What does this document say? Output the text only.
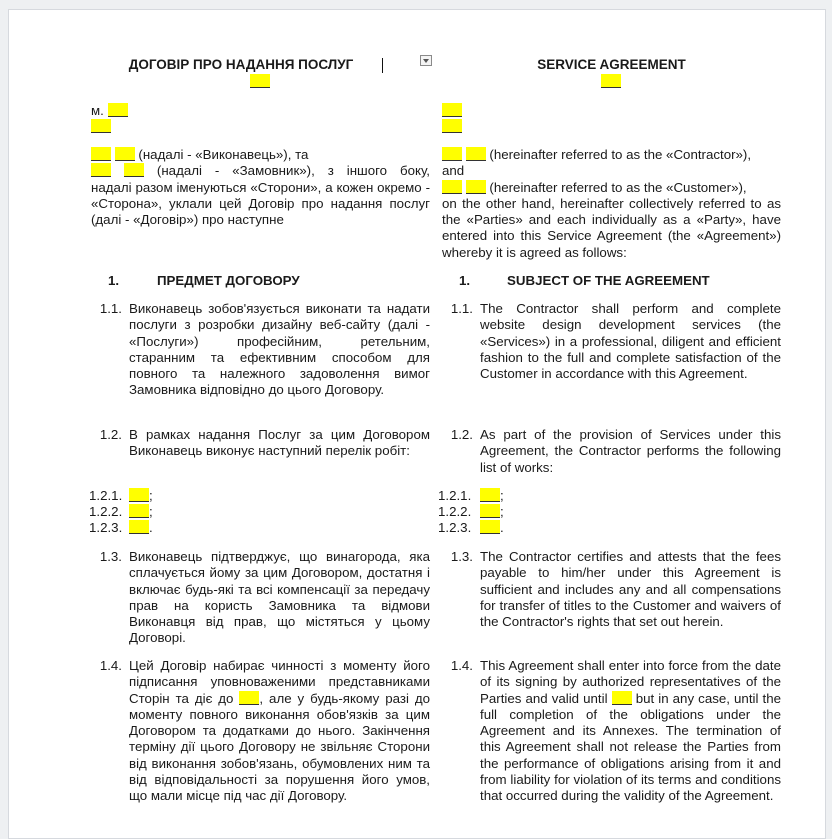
ДОГОВІР ПРО НАДАННЯ ПОСЛУГ	SERVICE AGREEMENT
м.
(надалі - «Виконавець»), та
(надалі - «Замовник»), з іншого боку,
надалі разом іменуються «Сторони», а кожен окремо - «Сторона», уклали цей Договір про надання послуг (далі - «Договір») про наступне
(hereinafter referred to as the «Contractor»),
and
(hereinafter referred to as the «Customer»),
on the other hand, hereinafter collectively referred to as the «Parties» and each individually as a «Party», have entered into this Service Agreement (the «Agreement») whereby it is agreed as follows:
1.	ПРЕДМЕТ ДОГОВОРУ	1.	SUBJECT OF THE AGREEMENT
1.1. Виконавець зобов'язується виконати та надати послуги з розробки дизайну веб-сайту (далі - «Послуги») професійним, ретельним, старанним та ефективним способом для повного та належного задоволення вимог Замовника відповідно до цього Договору.
1.1. The Contractor shall perform and complete website design development services (the «Services») in a professional, diligent and efficient fashion to the full and complete satisfaction of the Customer in accordance with this Agreement.
1.2. В рамках надання Послуг за цим Договором Виконавець виконує наступний перелік робіт:
1.2. As part of the provision of Services under this Agreement, the Contractor performs the following list of works:
1.2.1.	;
1.2.2.	;
1.2.3.	.
1.2.1.	;
1.2.2.	;
1.2.3.	.
1.3. Виконавець підтверджує, що винагорода, яка сплачується йому за цим Договором, достатня і включає будь-які та всі компенсації за передачу прав на користь Замовника та відмови Виконавця від прав, що містяться у цьому Договорі.
1.3. The Contractor certifies and attests that the fees payable to him/her under this Agreement is sufficient and includes any and all compensations for transfer of titles to the Customer and waivers of the Contractor's rights that set out herein.
1.4. Цей Договір набирає чинності з моменту його підписання уповноваженими представниками Сторін та діє до , але у будь-якому разі до моменту повного виконання обов'язків за цим Договором та додатками до нього. Закінчення терміну дії цього Договору не звільняє Сторони від виконання зобов'язань, обумовлених ним та від відповідальності за порушення його умов, що мали місце під час дії Договору.
1.4. This Agreement shall enter into force from the date of its signing by authorized representatives of the Parties and valid until but in any case, until the full completion of the obligations under the Agreement and its Annexes. The termination of this Agreement shall not release the Parties from the performance of obligations arising from it and from liability for violation of its terms and conditions that occurred during the validity of the Agreement.
